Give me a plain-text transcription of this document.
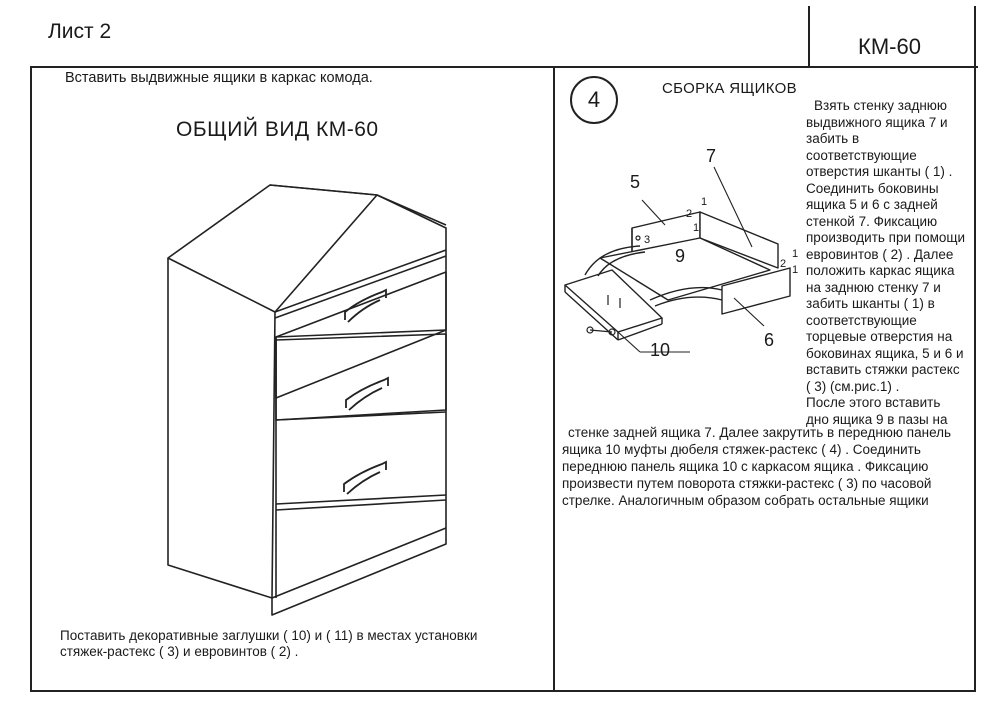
Лист 2
КМ-60
Вставить выдвижные ящики в каркас комода.
ОБЩИЙ ВИД КМ-60
Поставить декоративные заглушки ( 10) и ( 11) в местах установки
стяжек-растекс ( 3) и евровинтов ( 2) .
4	СБОРКА ЯЩИКОВ
Взять стенку заднюю
выдвижного ящика 7 и
забить в
соответствующие
отверстия шканты ( 1) .
Соединить боковины
ящика 5 и 6 с задней
стенкой 7. Фиксацию
производить при помощи
евровинтов ( 2) . Далее
положить каркас ящика
на заднюю стенку 7 и
забить шканты ( 1) в
соответствующие
торцевые отверстия на
боковинах ящика, 5 и 6 и
вставить стяжки растекс
( 3) (см.рис.1) .
После этого вставить
дно ящика 9 в пазы на
5
7
9
6
10
1
1
1
1
2
2
3
стенке задней ящика 7. Далее закрутить в переднюю панель
ящика 10 муфты дюбеля стяжек-растекс ( 4) . Соединить
переднюю панель ящика 10 с каркасом ящика . Фиксацию
произвести путем поворота стяжки-растекс ( 3) по часовой
стрелке. Аналогичным образом собрать остальные ящики
